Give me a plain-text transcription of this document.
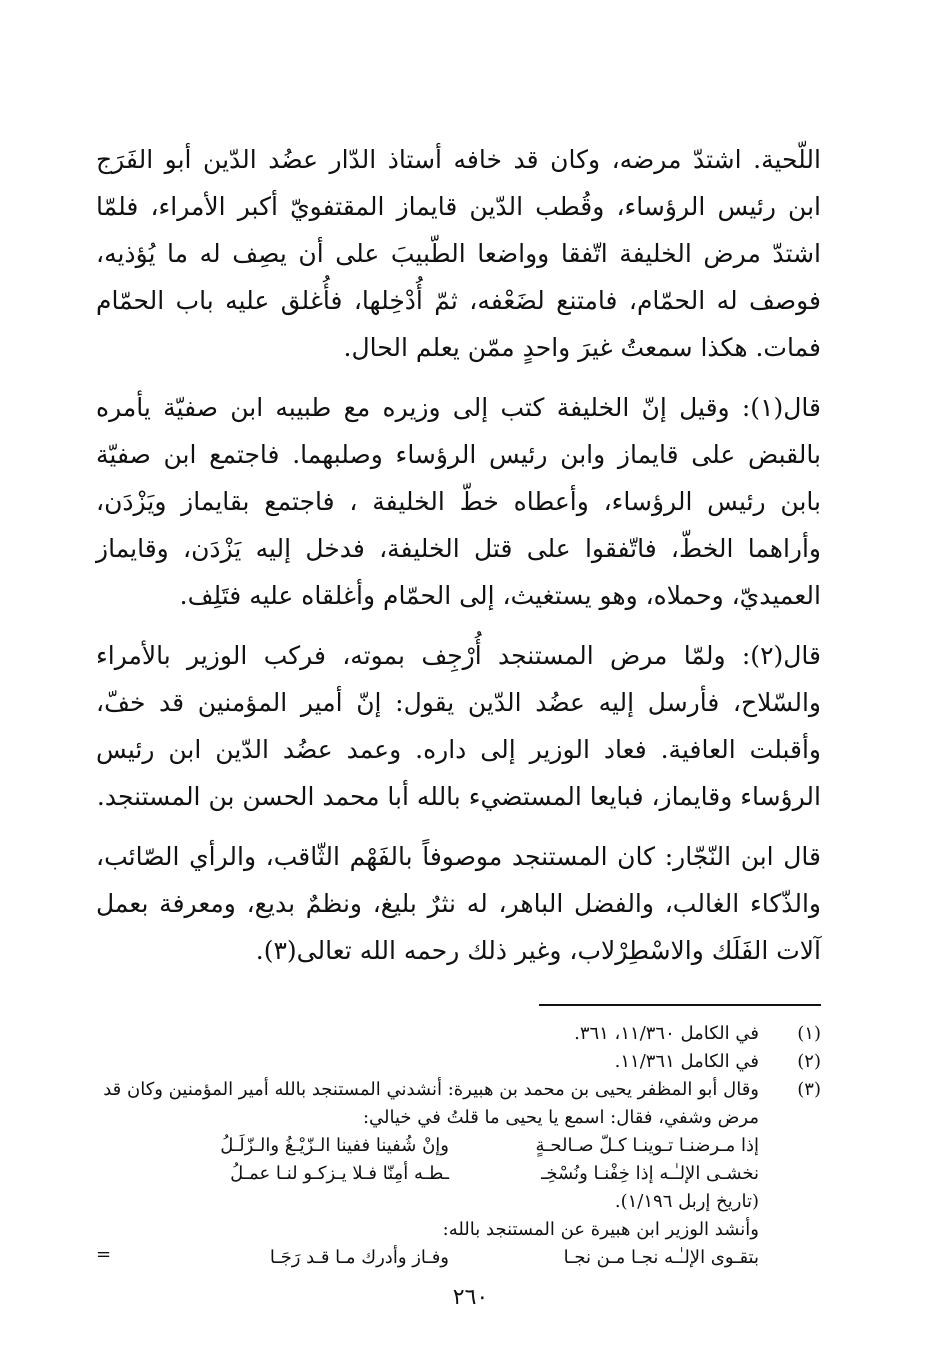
اللّحية. اشتدّ مرضه، وكان قد خافه أستاذ الدّار عضُد الدّين أبو الفَرَج ابن رئيس الرؤساء، وقُطب الدّين قايماز المقتفويّ أكبر الأمراء، فلمّا اشتدّ مرض الخليفة اتّفقا وواضعا الطّبيبَ على أن يصِف له ما يُؤذيه، فوصف له الحمّام، فامتنع لضَعْفه، ثمّ أُدْخِلها، فأُغلق عليه باب الحمّام فمات. هكذا سمعتُ غيرَ واحدٍ ممّن يعلم الحال.

قال(١): وقيل إنّ الخليفة كتب إلى وزيره مع طبيبه ابن صفيّة يأمره بالقبض على قايماز وابن رئيس الرؤساء وصلبهما. فاجتمع ابن صفيّة بابن رئيس الرؤساء، وأعطاه خطّ الخليفة ، فاجتمع بقايماز ويَزْدَن، وأراهما الخطّ، فاتّفقوا على قتل الخليفة، فدخل إليه يَزْدَن، وقايماز العميديّ، وحملاه، وهو يستغيث، إلى الحمّام وأغلقاه عليه فتَلِف.

قال(٢): ولمّا مرض المستنجد أُرْجِف بموته، فركب الوزير بالأمراء والسّلاح، فأرسل إليه عضُد الدّين يقول: إنّ أمير المؤمنين قد خفّ، وأقبلت العافية. فعاد الوزير إلى داره. وعمد عضُد الدّين ابن رئيس الرؤساء وقايماز، فبايعا المستضيء بالله أبا محمد الحسن بن المستنجد.

قال ابن النّجّار: كان المستنجد موصوفاً بالفَهْم الثّاقب، والرأي الصّائب، والذّكاء الغالب، والفضل الباهر، له نثرٌ بليغ، ونظمٌ بديع، ومعرفة بعمل آلات الفَلَك والاسْطِرْلاب، وغير ذلك رحمه الله تعالى(٣).

(١)
في الكامل ١١/٣٦٠، ٣٦١.
(٢)
في الكامل ١١/٣٦١.
(٣)
وقال أبو المظفر يحيى بن محمد بن هبيرة: أنشدني المستنجد بالله أمير المؤمنين وكان قد مرض وشفي، فقال: اسمع يا يحيى ما قلتُ في خيالي:
إذا مـرضنـا تـوينـا كـلّ صـالحـةٍ
وإنْ شُفينا ففينا الـزّيْـغُ والـزّلَـلُ
نخشـى الإلـٰـه إذا خِفْنـا ونُسْخِـ
ـطـه أمِنّا فـلا يـزكـو لنـا عمـلُ
(تاريخ إربل ١/١٩٦).
وأنشد الوزير ابن هبيرة عن المستنجد بالله:
بتقـوى الإلـٰـه نجـا مـن نجـا
وفـاز وأدرك مـا قـد رَجَـا
=
٢٦٠
